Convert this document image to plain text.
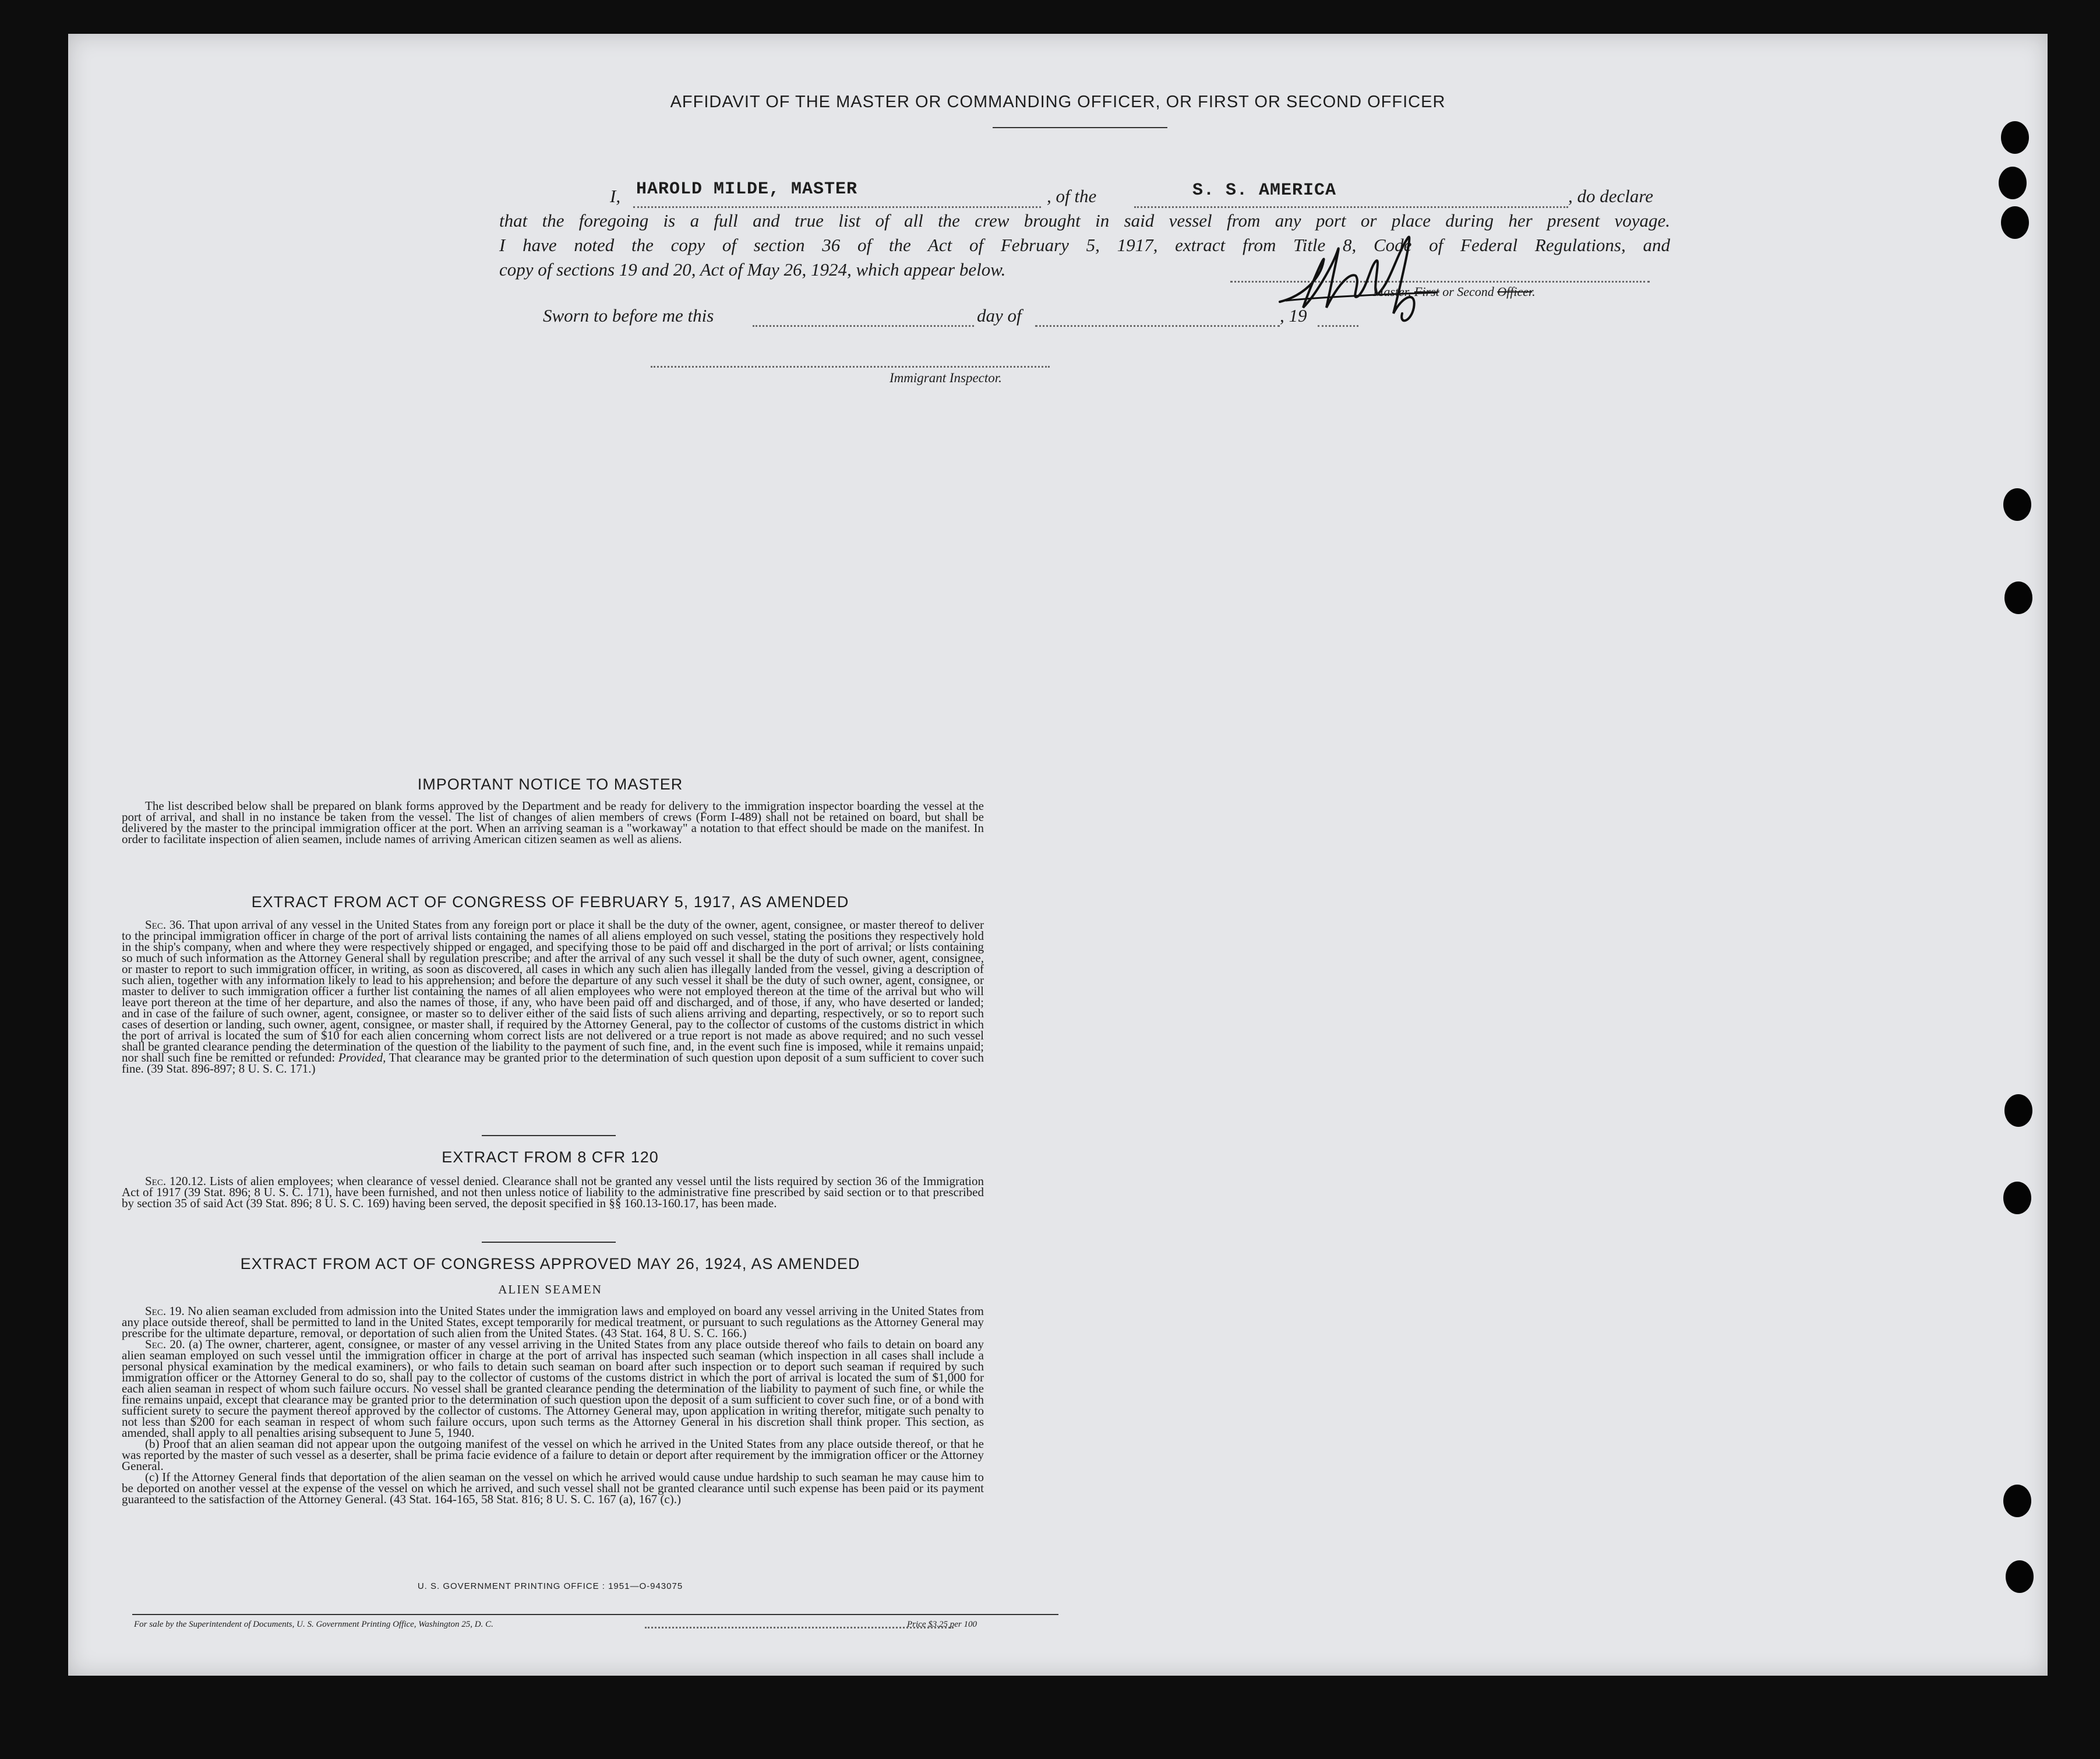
AFFIDAVIT OF THE MASTER OR COMMANDING OFFICER, OR FIRST OR SECOND OFFICER
I, HAROLD MILDE, MASTER	, of the	S. S. AMERICA	, do declare
that the foregoing is a full and true list of all the crew brought in said vessel from any port or place during her present voyage.
I have noted the copy of section 36 of the Act of February 5, 1917, extract from Title 8, Code of Federal Regulations, and
copy of sections 19 and 20, Act of May 26, 1924, which appear below.
Master, First or Second Officer.
Sworn to before me this	day of	, 19
Immigrant Inspector.
IMPORTANT NOTICE TO MASTER
The list described below shall be prepared on blank forms approved by the Department and be ready for delivery to the immigration inspector boarding the vessel at the port of arrival, and shall in no instance be taken from the vessel. The list of changes of alien members of crews (Form I-489) shall not be retained on board, but shall be delivered by the master to the principal immigration officer at the port. When an arriving seaman is a "workaway" a notation to that effect should be made on the manifest. In order to facilitate inspection of alien seamen, include names of arriving American citizen seamen as well as aliens.
EXTRACT FROM ACT OF CONGRESS OF FEBRUARY 5, 1917, AS AMENDED
Sec. 36. That upon arrival of any vessel in the United States from any foreign port or place it shall be the duty of the owner, agent, consignee, or master thereof to deliver to the principal immigration officer in charge of the port of arrival lists containing the names of all aliens employed on such vessel, stating the positions they respectively hold in the ship's company, when and where they were respectively shipped or engaged, and specifying those to be paid off and discharged in the port of arrival; or lists containing so much of such information as the Attorney General shall by regulation prescribe; and after the arrival of any such vessel it shall be the duty of such owner, agent, consignee, or master to report to such immigration officer, in writing, as soon as discovered, all cases in which any such alien has illegally landed from the vessel, giving a description of such alien, together with any information likely to lead to his apprehension; and before the departure of any such vessel it shall be the duty of such owner, agent, consignee, or master to deliver to such immigration officer a further list containing the names of all alien employees who were not employed thereon at the time of the arrival but who will leave port thereon at the time of her departure, and also the names of those, if any, who have been paid off and discharged, and of those, if any, who have deserted or landed; and in case of the failure of such owner, agent, consignee, or master so to deliver either of the said lists of such aliens arriving and departing, respectively, or so to report such cases of desertion or landing, such owner, agent, consignee, or master shall, if required by the Attorney General, pay to the collector of customs of the customs district in which the port of arrival is located the sum of $10 for each alien concerning whom correct lists are not delivered or a true report is not made as above required; and no such vessel shall be granted clearance pending the determination of the question of the liability to the payment of such fine, and, in the event such fine is imposed, while it remains unpaid; nor shall such fine be remitted or refunded: Provided, That clearance may be granted prior to the determination of such question upon deposit of a sum sufficient to cover such fine. (39 Stat. 896-897; 8 U. S. C. 171.)
EXTRACT FROM 8 CFR 120
Sec. 120.12. Lists of alien employees; when clearance of vessel denied. Clearance shall not be granted any vessel until the lists required by section 36 of the Immigration Act of 1917 (39 Stat. 896; 8 U. S. C. 171), have been furnished, and not then unless notice of liability to the administrative fine prescribed by said section or to that prescribed by section 35 of said Act (39 Stat. 896; 8 U. S. C. 169) having been served, the deposit specified in §§ 160.13-160.17, has been made.
EXTRACT FROM ACT OF CONGRESS APPROVED MAY 26, 1924, AS AMENDED
ALIEN SEAMEN
Sec. 19. No alien seaman excluded from admission into the United States under the immigration laws and employed on board any vessel arriving in the United States from any place outside thereof, shall be permitted to land in the United States, except temporarily for medical treatment, or pursuant to such regulations as the Attorney General may prescribe for the ultimate departure, removal, or deportation of such alien from the United States. (43 Stat. 164, 8 U. S. C. 166.)
Sec. 20. (a) The owner, charterer, agent, consignee, or master of any vessel arriving in the United States from any place outside thereof who fails to detain on board any alien seaman employed on such vessel until the immigration officer in charge at the port of arrival has inspected such seaman (which inspection in all cases shall include a personal physical examination by the medical examiners), or who fails to detain such seaman on board after such inspection or to deport such seaman if required by such immigration officer or the Attorney General to do so, shall pay to the collector of customs of the customs district in which the port of arrival is located the sum of $1,000 for each alien seaman in respect of whom such failure occurs. No vessel shall be granted clearance pending the determination of the liability to payment of such fine, or while the fine remains unpaid, except that clearance may be granted prior to the determination of such question upon the deposit of a sum sufficient to cover such fine, or of a bond with sufficient surety to secure the payment thereof approved by the collector of customs. The Attorney General may, upon application in writing therefor, mitigate such penalty to not less than $200 for each seaman in respect of whom such failure occurs, upon such terms as the Attorney General in his discretion shall think proper. This section, as amended, shall apply to all penalties arising subsequent to June 5, 1940.
(b) Proof that an alien seaman did not appear upon the outgoing manifest of the vessel on which he arrived in the United States from any place outside thereof, or that he was reported by the master of such vessel as a deserter, shall be prima facie evidence of a failure to detain or deport after requirement by the immigration officer or the Attorney General.
(c) If the Attorney General finds that deportation of the alien seaman on the vessel on which he arrived would cause undue hardship to such seaman he may cause him to be deported on another vessel at the expense of the vessel on which he arrived, and such vessel shall not be granted clearance until such expense has been paid or its payment guaranteed to the satisfaction of the Attorney General. (43 Stat. 164-165, 58 Stat. 816; 8 U. S. C. 167 (a), 167 (c).)
U. S. GOVERNMENT PRINTING OFFICE : 1951—O-943075
For sale by the Superintendent of Documents, U. S. Government Printing Office, Washington 25, D. C.	Price $3.25 per 100
